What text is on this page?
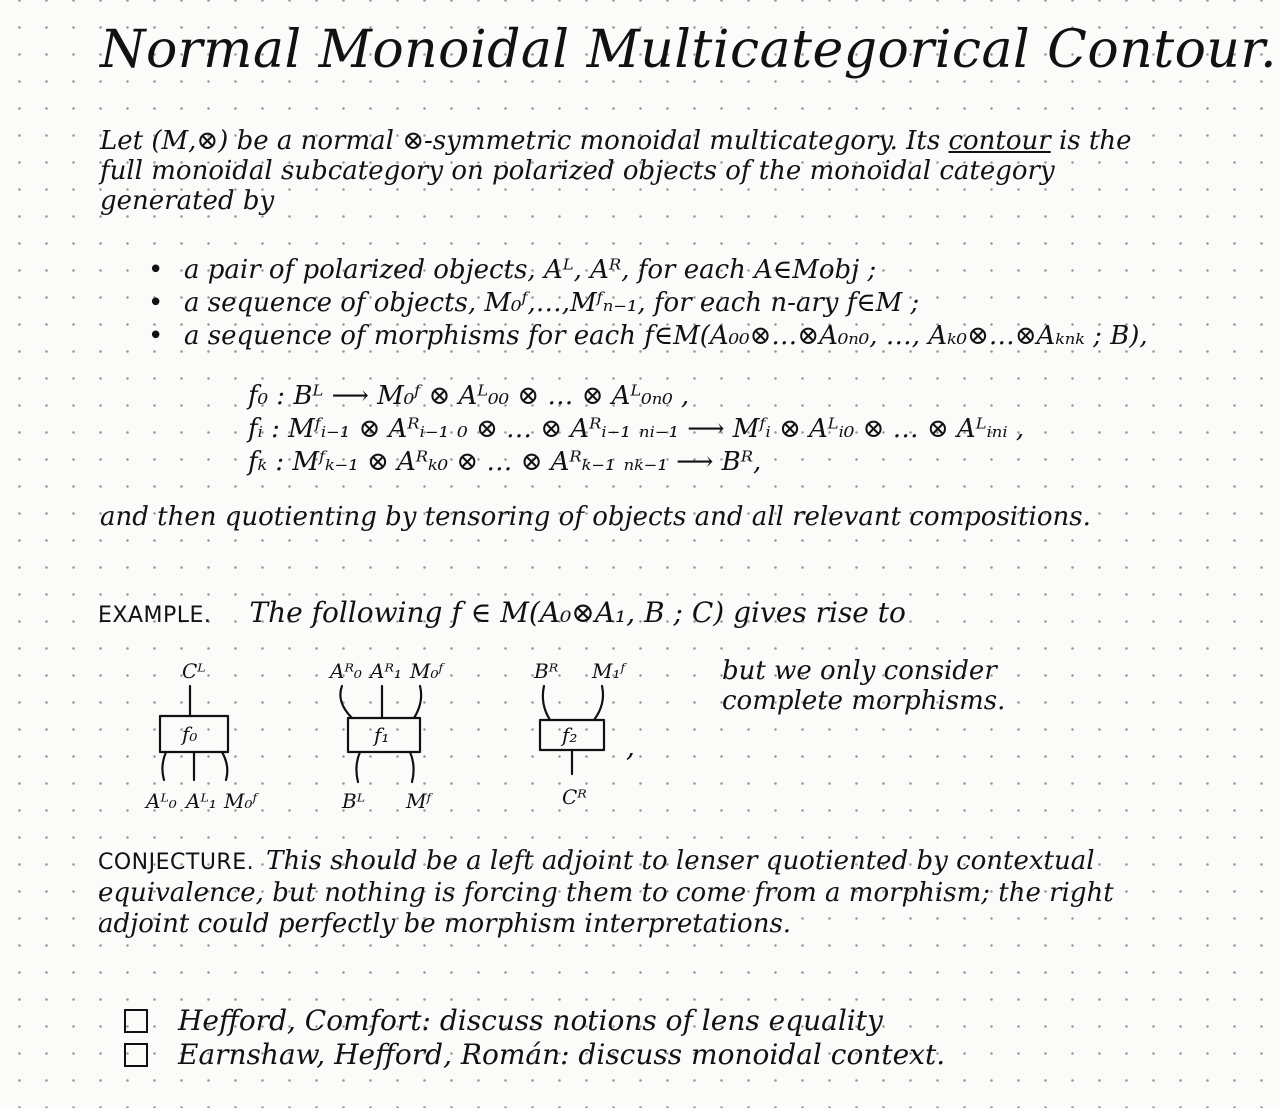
Normal Monoidal Multicategorical Contour.
Let (M,⊗) be a normal ⊗-symmetric monoidal multicategory. Its contour is the full monoidal subcategory on polarized objects of the monoidal category generated by
• a pair of polarized objects, Aᴸ, Aᴿ, for each A∈Mobj ;
• a sequence of objects, M₀ᶠ,…,Mᶠₙ₋₁, for each n-ary f∈M ;
• a sequence of morphisms for each f∈M(A₀₀⊗…⊗A₀ₙ₀, …, Aₖ₀⊗…⊗Aₖₙₖ ; B),
f₀ : Bᴸ ⟶ M₀ᶠ ⊗ Aᴸ₀₀ ⊗ … ⊗ Aᴸ₀ₙ₀ ,
fᵢ : Mᶠᵢ₋₁ ⊗ Aᴿᵢ₋₁ ₀ ⊗ … ⊗ Aᴿᵢ₋₁ ₙᵢ₋₁ ⟶ Mᶠᵢ ⊗ Aᴸᵢ₀ ⊗ … ⊗ Aᴸᵢₙᵢ ,
fₖ : Mᶠₖ₋₁ ⊗ Aᴿₖ₀ ⊗ … ⊗ Aᴿₖ₋₁ ₙₖ₋₁ ⟶ Bᴿ,
and then quotienting by tensoring of objects and all relevant compositions.
EXAMPLE. The following f ∈ M(A₀⊗A₁, B ; C) gives rise to
Cᴸ
f₀
Aᴸ₀ Aᴸ₁ M₀ᶠ
Aᴿ₀ Aᴿ₁ M₀ᶠ
f₁
Bᴸ Mᶠ
Bᴿ M₁ᶠ
f₂
Cᴿ
,
but we only consider
complete morphisms.
CONJECTURE. This should be a left adjoint to lenser quotiented by contextual equivalence, but nothing is forcing them to come from a morphism; the right adjoint could perfectly be morphism interpretations.
Hefford, Comfort: discuss notions of lens equality
Earnshaw, Hefford, Román: discuss monoidal context.
